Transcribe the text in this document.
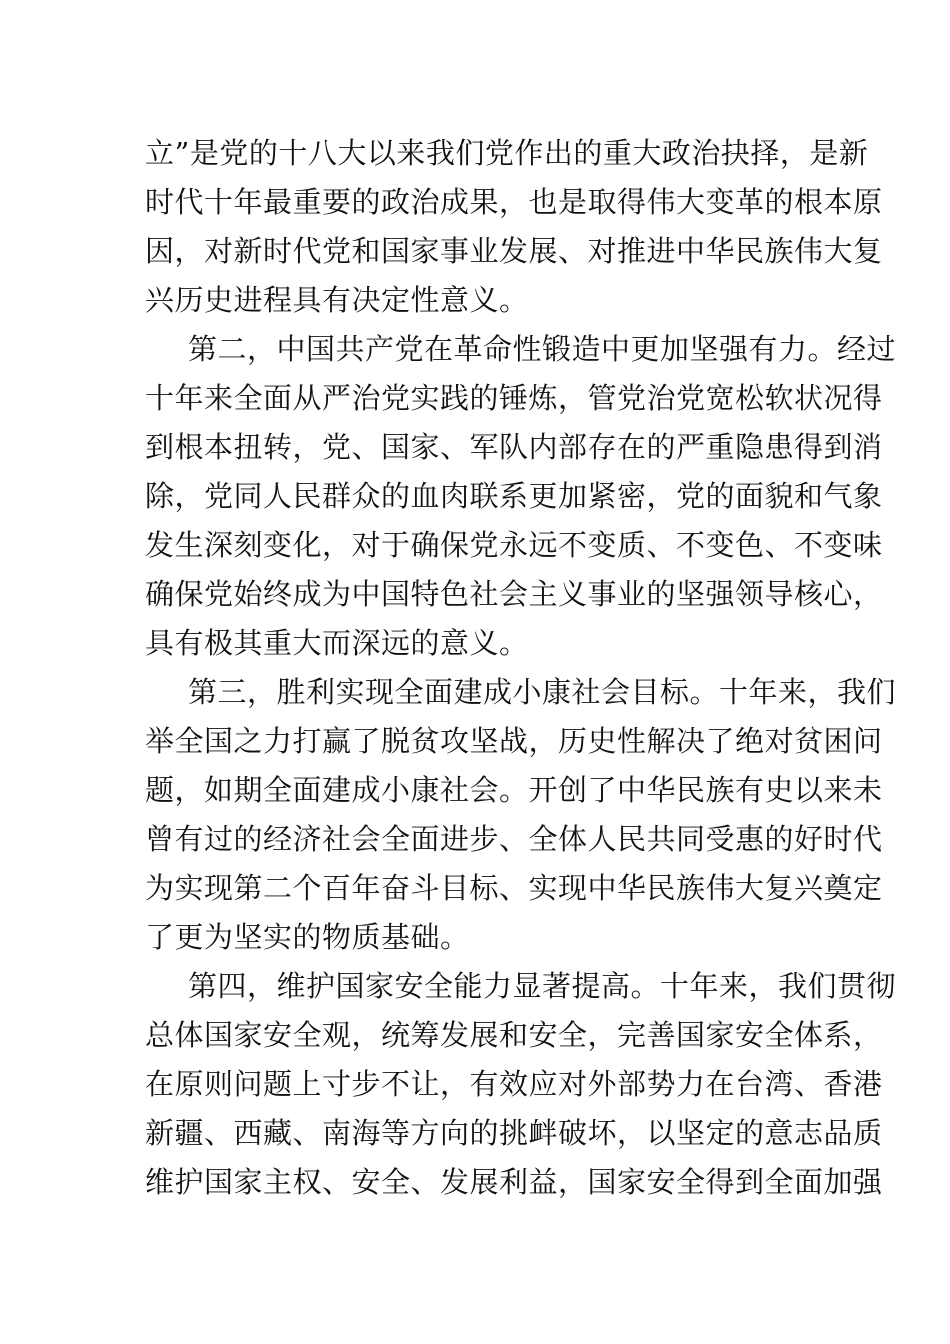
立”是党的十八大以来我们党作出的重大政治抉择，是新
时代十年最重要的政治成果，也是取得伟大变革的根本原
因，对新时代党和国家事业发展、对推进中华民族伟大复
兴历史进程具有决定性意义。
第二，中国共产党在革命性锻造中更加坚强有力。经过
十年来全面从严治党实践的锤炼，管党治党宽松软状况得
到根本扭转，党、国家、军队内部存在的严重隐患得到消
除，党同人民群众的血肉联系更加紧密，党的面貌和气象
发生深刻变化，对于确保党永远不变质、不变色、不变味
确保党始终成为中国特色社会主义事业的坚强领导核心，
具有极其重大而深远的意义。
第三，胜利实现全面建成小康社会目标。十年来，我们
举全国之力打赢了脱贫攻坚战，历史性解决了绝对贫困问
题，如期全面建成小康社会。开创了中华民族有史以来未
曾有过的经济社会全面进步、全体人民共同受惠的好时代
为实现第二个百年奋斗目标、实现中华民族伟大复兴奠定
了更为坚实的物质基础。
第四，维护国家安全能力显著提高。十年来，我们贯彻
总体国家安全观，统筹发展和安全，完善国家安全体系，
在原则问题上寸步不让，有效应对外部势力在台湾、香港
新疆、西藏、南海等方向的挑衅破坏，以坚定的意志品质
维护国家主权、安全、发展利益，国家安全得到全面加强
